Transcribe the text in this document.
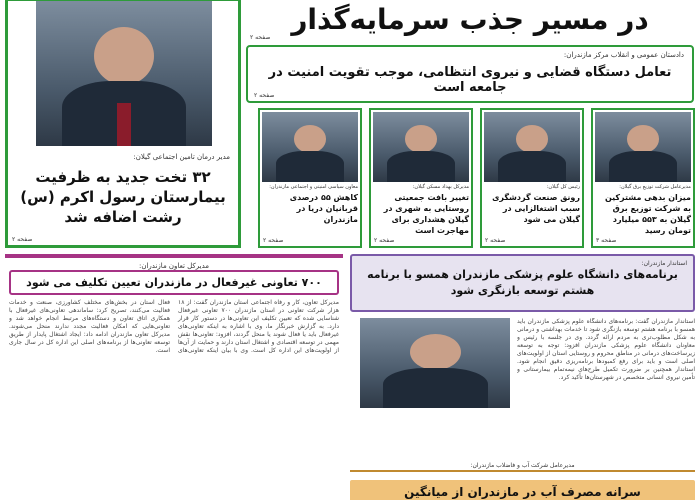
مدیر درمان تامین اجتماعی گیلان:
۳۲ تخت جدید به ظرفیت بیمارستان رسول اکرم (س) رشت اضافه شد
صفحه ۲
در مسیر جذب سرمایه‌گذار
صفحه ۲
دادستان عمومی و انقلاب مرکز مازندران:
تعامل دستگاه قضایی و نیروی انتظامی، موجب تقویت امنیت در جامعه است
صفحه ۲
مدیرعامل شرکت توزیع برق گیلان:
میزان بدهی مشترکین به شرکت توزیع برق گیلان به ۵۵۳ میلیارد تومان رسید
صفحه ۳
رئیس کل گیلان:
رونق صنعت گردشگری سبب اشتغالزایی در گیلان می شود
صفحه ۲
مدیرکل بهداد مسکن گیلان:
تغییر بافت جمعیتی روستایی به شهری در گیلان هشداری برای مهاجرت است
صفحه ۲
معاون سیاسی امنیتی و اجتماعی مازندران:
کاهش ۵۵ درصدی قربانیان دریا در مازندران
صفحه ۲
مدیرکل تعاون مازندران:
۷۰۰ تعاونی غیرفعال در مازندران تعیین تکلیف می شود
مدیرکل تعاون، کار و رفاه اجتماعی استان مازندران گفت: از ۱۸ هزار شرکت تعاونی در استان مازندران ۷۰۰ تعاونی غیرفعال شناسایی شده که تعیین تکلیف این تعاونی‌ها در دستور کار قرار دارد. به گزارش خبرنگار ما، وی با اشاره به اینکه تعاونی‌های غیرفعال باید یا فعال شوند یا منحل گردند، افزود: تعاونی‌ها نقش مهمی در توسعه اقتصادی و اشتغال استان دارند و حمایت از آن‌ها از اولویت‌های این اداره کل است. وی با بیان اینکه تعاونی‌های فعال استان در بخش‌های مختلف کشاورزی، صنعت و خدمات فعالیت می‌کنند، تصریح کرد: ساماندهی تعاونی‌های غیرفعال با همکاری اتاق تعاون و دستگاه‌های مرتبط انجام خواهد شد و تعاونی‌هایی که امکان فعالیت مجدد ندارند منحل می‌شوند. مدیرکل تعاون مازندران ادامه داد: ایجاد اشتغال پایدار از طریق توسعه تعاونی‌ها از برنامه‌های اصلی این اداره کل در سال جاری است.
استاندار مازندران:
برنامه‌های دانشگاه علوم پزشکی مازندران همسو با برنامه هشتم توسعه بازنگری شود
استاندار مازندران گفت: برنامه‌های دانشگاه علوم پزشکی مازندران باید همسو با برنامه هشتم توسعه بازنگری شود تا خدمات بهداشتی و درمانی به شکل مطلوب‌تری به مردم ارائه گردد. وی در جلسه با رئیس و معاونان دانشگاه علوم پزشکی مازندران افزود: توجه به توسعه زیرساخت‌های درمانی در مناطق محروم و روستایی استان از اولویت‌های اصلی است و باید برای رفع کمبودها برنامه‌ریزی دقیق انجام شود. استاندار همچنین بر ضرورت تکمیل طرح‌های نیمه‌تمام بیمارستانی و تأمین نیروی انسانی متخصص در شهرستان‌ها تأکید کرد.
مدیرعامل شرکت آب و فاضلاب مازندران:
سرانه مصرف آب در مازندران از میانگین
